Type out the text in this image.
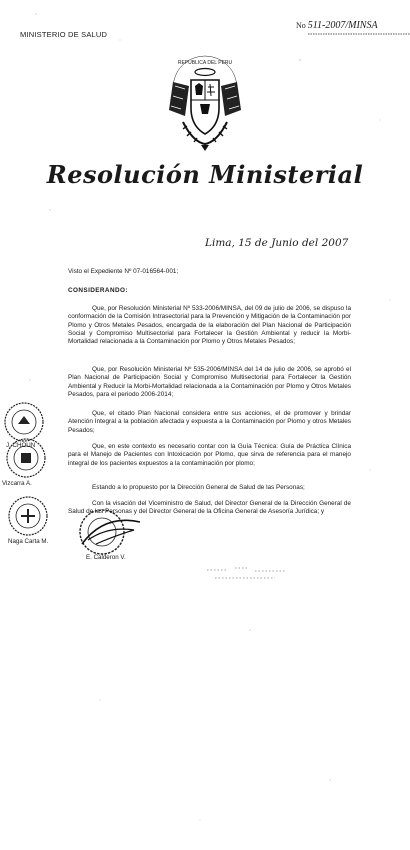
MINISTERIO DE SALUD
No 511-2007/MINSA
REPUBLICA DEL PERU
Resolución Ministerial
Lima, 15 de Junio del 2007
Visto el Expediente Nº 07-016564-001;
CONSIDERANDO:
Que, por Resolución Ministerial Nº 533-2006/MINSA, del 09 de julio de 2006, se dispuso la conformación de la Comisión Intrasectorial para la Prevención y Mitigación de la Contaminación por Plomo y Otros Metales Pesados, encargada de la elaboración del Plan Nacional de Participación Social y Compromiso Multisectorial para Fortalecer la Gestión Ambiental y reducir la Morbi-Mortalidad relacionada a la Contaminación por Plomo y Otros Metales Pesados;
Que, por Resolución Ministerial Nº 535-2006/MINSA del 14 de julio de 2006, se aprobó el Plan Nacional de Participación Social y Compromiso Multisectorial para Fortalecer la Gestión Ambiental y Reducir la Morbi-Mortalidad relacionada a la Contaminación por Plomo y Otros Metales Pesados, para el periodo 2006-2014;
Que, el citado Plan Nacional considera entre sus acciones, el de promover y brindar Atención Integral a la población afectada y expuesta a la Contaminación por Plomo y otros Metales Pesados;
Que, en este contexto es necesario contar con la Guía Técnica: Guía de Práctica Clínica para el Manejo de Pacientes con Intoxicación por Plomo, que sirva de referencia para el manejo integral de los pacientes expuestos a la contaminación por plomo;
Estando a lo propuesto por la Dirección General de Salud de las Personas;
Con la visación del Viceministro de Salud, del Director General de la Dirección General de Salud de las Personas y del Director General de la Oficina General de Asesoría Jurídica; y
J. CHOUN
Vizcarra A.
Naga Carta M.
E. Calderon V.
